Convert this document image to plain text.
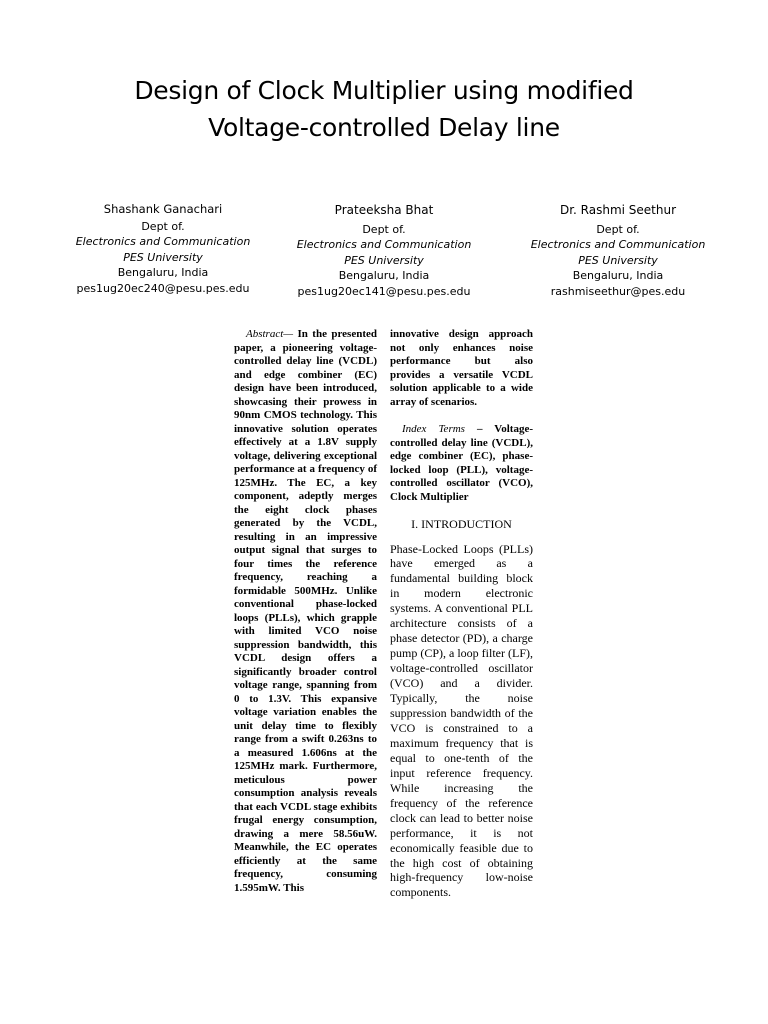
Design of Clock Multiplier using modified
Voltage-controlled Delay line
Shashank Ganachari
Dept of.
Electronics and Communication
PES University
Bengaluru, India
pes1ug20ec240@pesu.pes.edu
Prateeksha Bhat
Dept of.
Electronics and Communication
PES University
Bengaluru, India
pes1ug20ec141@pesu.pes.edu
Dr. Rashmi Seethur
Dept of.
Electronics and Communication
PES University
Bengaluru, India
rashmiseethur@pes.edu

Abstract— In the presented paper, a pioneering voltage-controlled delay line (VCDL) and edge combiner (EC) design have been introduced, showcasing their prowess in 90nm CMOS technology. This innovative solution operates effectively at a 1.8V supply voltage, delivering exceptional performance at a frequency of 125MHz. The EC, a key component, adeptly merges the eight clock phases generated by the VCDL, resulting in an impressive output signal that surges to four times the reference frequency, reaching a formidable 500MHz. Unlike conventional phase-locked loops (PLLs), which grapple with limited VCO noise suppression bandwidth, this VCDL design offers a significantly broader control voltage range, spanning from 0 to 1.3V. This expansive voltage variation enables the unit delay time to flexibly range from a swift 0.263ns to a measured 1.606ns at the 125MHz mark. Furthermore, meticulous power consumption analysis reveals that each VCDL stage exhibits frugal energy consumption, drawing a mere 58.56uW. Meanwhile, the EC operates efficiently at the same frequency, consuming 1.595mW. This

innovative design approach not only enhances noise performance but also provides a versatile VCDL solution applicable to a wide array of scenarios.

Index Terms – Voltage-controlled delay line (VCDL), edge combiner (EC), phase-locked loop (PLL), voltage-controlled oscillator (VCO), Clock Multiplier

I. INTRODUCTION

Phase-Locked Loops (PLLs) have emerged as a fundamental building block in modern electronic systems. A conventional PLL architecture consists of a phase detector (PD), a charge pump (CP), a loop filter (LF), voltage-controlled oscillator (VCO) and a divider. Typically, the noise suppression bandwidth of the VCO is constrained to a maximum frequency that is equal to one-tenth of the input reference frequency. While increasing the frequency of the reference clock can lead to better noise performance, it is not economically feasible due to the high cost of obtaining high-frequency low-noise components.
